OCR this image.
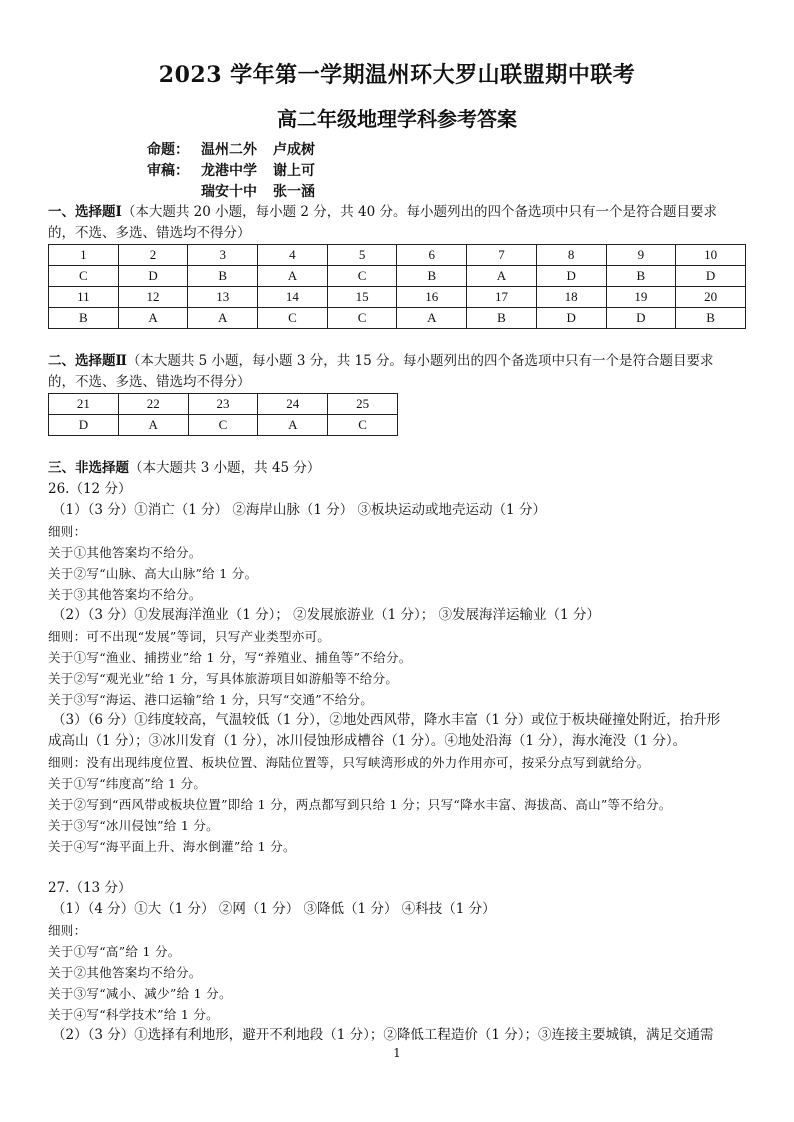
2023 学年第一学期温州环大罗山联盟期中联考
高二年级地理学科参考答案
命题： 温州二外 卢成树
审稿： 龙港中学 谢上可
瑞安十中 张一涵
一、选择题Ⅰ（本大题共 20 小题，每小题 2 分，共 40 分。每小题列出的四个备选项中只有一个是符合题目要求
的，不选、多选、错选均不得分）
1	2	3	4	5	6	7	8	9	10
C	D	B	A	C	B	A	D	B	D
11	12	13	14	15	16	17	18	19	20
B	A	A	C	C	A	B	D	D	B
二、选择题Ⅱ（本大题共 5 小题，每小题 3 分，共 15 分。每小题列出的四个备选项中只有一个是符合题目要求
的，不选、多选、错选均不得分）
21	22	23	24	25
D	A	C	A	C
三、非选择题（本大题共 3 小题，共 45 分）
26.（12 分）
（1）（3 分）①消亡（1 分） ②海岸山脉（1 分） ③板块运动或地壳运动（1 分）
细则：
关于①其他答案均不给分。
关于②写“山脉、高大山脉”给 1 分。
关于③其他答案均不给分。
（2）（3 分）①发展海洋渔业（1 分）； ②发展旅游业（1 分）； ③发展海洋运输业（1 分）
细则：可不出现“发展”等词，只写产业类型亦可。
关于①写“渔业、捕捞业”给 1 分，写“养殖业、捕鱼等”不给分。
关于②写“观光业”给 1 分，写具体旅游项目如游船等不给分。
关于③写“海运、港口运输”给 1 分，只写“交通”不给分。
（3）（6 分）①纬度较高，气温较低（1 分），②地处西风带，降水丰富（1 分）或位于板块碰撞处附近，抬升形
成高山（1 分）；③冰川发育（1 分），冰川侵蚀形成槽谷（1 分）。④地处沿海（1 分），海水淹没（1 分）。
细则：没有出现纬度位置、板块位置、海陆位置等，只写峡湾形成的外力作用亦可，按采分点写到就给分。
关于①写“纬度高”给 1 分。
关于②写到“西风带或板块位置”即给 1 分，两点都写到只给 1 分；只写“降水丰富、海拔高、高山”等不给分。
关于③写“冰川侵蚀”给 1 分。
关于④写“海平面上升、海水倒灌”给 1 分。
27.（13 分）
（1）（4 分）①大（1 分） ②网（1 分） ③降低（1 分） ④科技（1 分）
细则：
关于①写“高”给 1 分。
关于②其他答案均不给分。
关于③写“减小、减少”给 1 分。
关于④写“科学技术”给 1 分。
（2）（3 分）①选择有利地形，避开不利地段（1 分）；②降低工程造价（1 分）；③连接主要城镇，满足交通需
1
